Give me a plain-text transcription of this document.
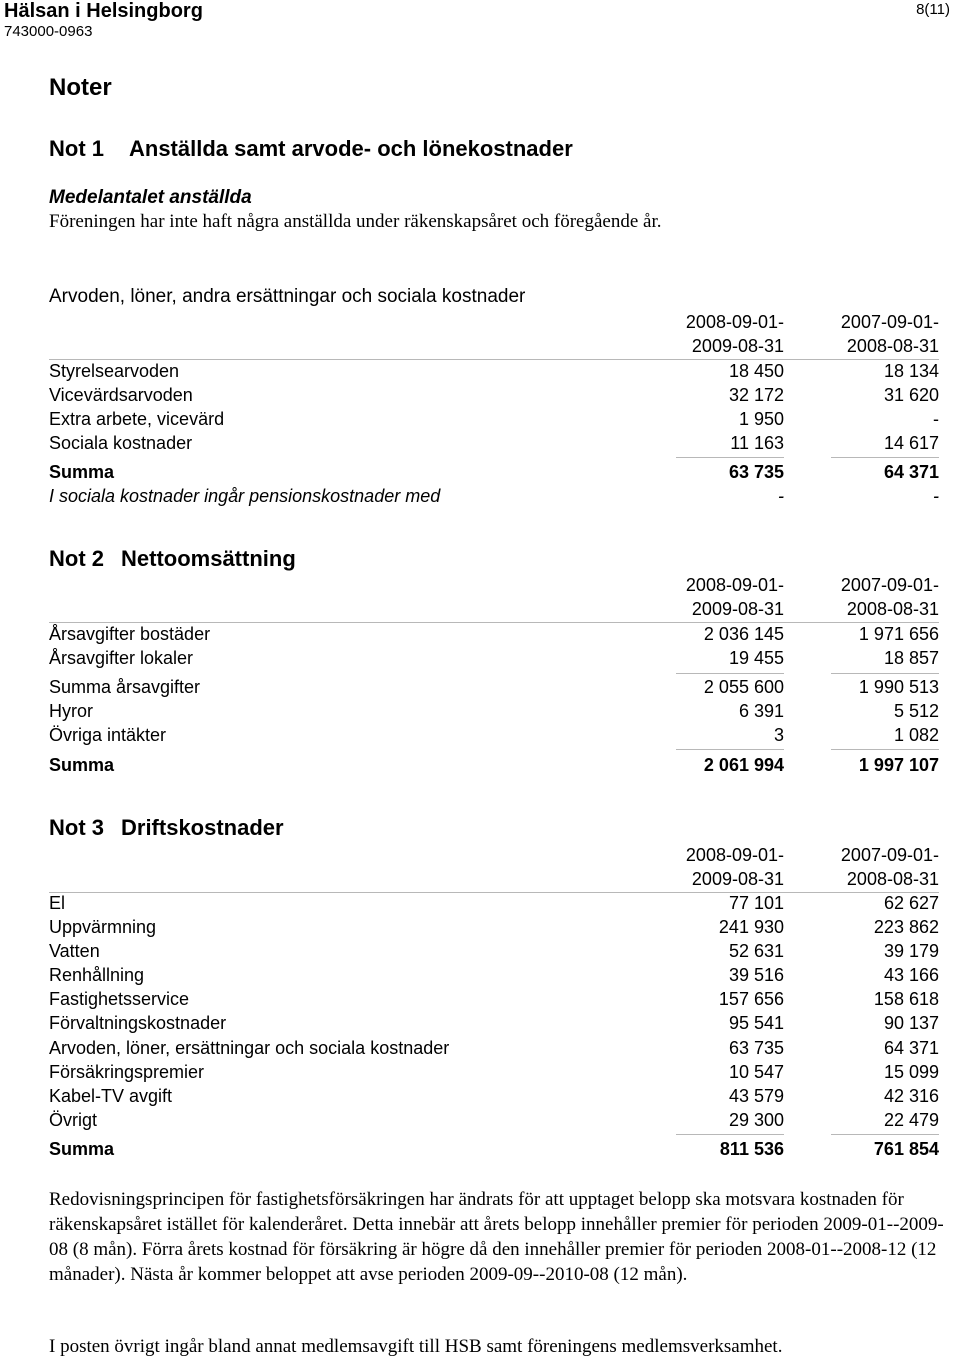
Hälsan i Helsingborg
743000-0963
8(11)
Noter
Not 1 Anställda samt arvode- och lönekostnader
Medelantalet anställda
Föreningen har inte haft några anställda under räkenskapsåret och föregående år.
Arvoden, löner, andra ersättningar och sociala kostnader
2008-09-01-	2007-09-01-
2009-08-31	2008-08-31
Styrelsearvoden	18 450	18 134
Vicevärdsarvoden	32 172	31 620
Extra arbete, vicevärd	1 950	-
Sociala kostnader	11 163	14 617
Summa	63 735	64 371
I sociala kostnader ingår pensionskostnader med	-	-
Not 2 Nettoomsättning
2008-09-01-	2007-09-01-
2009-08-31	2008-08-31
Årsavgifter bostäder	2 036 145	1 971 656
Årsavgifter lokaler	19 455	18 857
Summa årsavgifter	2 055 600	1 990 513
Hyror	6 391	5 512
Övriga intäkter	3	1 082
Summa	2 061 994	1 997 107
Not 3 Driftskostnader
2008-09-01-	2007-09-01-
2009-08-31	2008-08-31
El	77 101	62 627
Uppvärmning	241 930	223 862
Vatten	52 631	39 179
Renhållning	39 516	43 166
Fastighetsservice	157 656	158 618
Förvaltningskostnader	95 541	90 137
Arvoden, löner, ersättningar och sociala kostnader	63 735	64 371
Försäkringspremier	10 547	15 099
Kabel-TV avgift	43 579	42 316
Övrigt	29 300	22 479
Summa	811 536	761 854
Redovisningsprincipen för fastighetsförsäkringen har ändrats för att upptaget belopp ska motsvara kostnaden för räkenskapsåret istället för kalenderåret. Detta innebär att årets belopp innehåller premier för perioden 2009-01--2009-08 (8 mån). Förra årets kostnad för försäkring är högre då den innehåller premier för perioden 2008-01--2008-12 (12 månader). Nästa år kommer beloppet att avse perioden 2009-09--2010-08 (12 mån).
I posten övrigt ingår bland annat medlemsavgift till HSB samt föreningens medlemsverksamhet.
